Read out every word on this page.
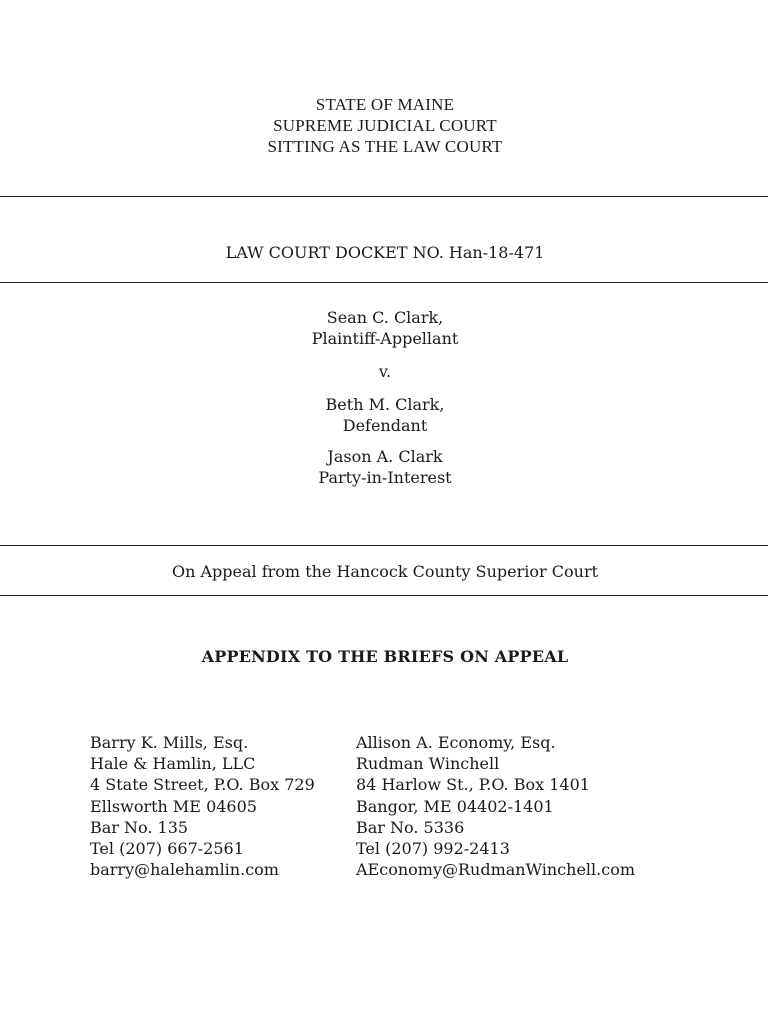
STATE OF MAINE
SUPREME JUDICIAL COURT
SITTING AS THE LAW COURT
LAW COURT DOCKET NO. Han-18-471
Sean C. Clark,
Plaintiff-Appellant
v.
Beth M. Clark,
Defendant
Jason A. Clark
Party-in-Interest
On Appeal from the Hancock County Superior Court
APPENDIX TO THE BRIEFS ON APPEAL
Barry K. Mills, Esq.
Hale & Hamlin, LLC
4 State Street, P.O. Box 729
Ellsworth ME 04605
Bar No. 135
Tel (207) 667-2561
barry@halehamlin.com
Allison A. Economy, Esq.
Rudman Winchell
84 Harlow St., P.O. Box 1401
Bangor, ME 04402-1401
Bar No. 5336
Tel (207) 992-2413
AEconomy@RudmanWinchell.com
